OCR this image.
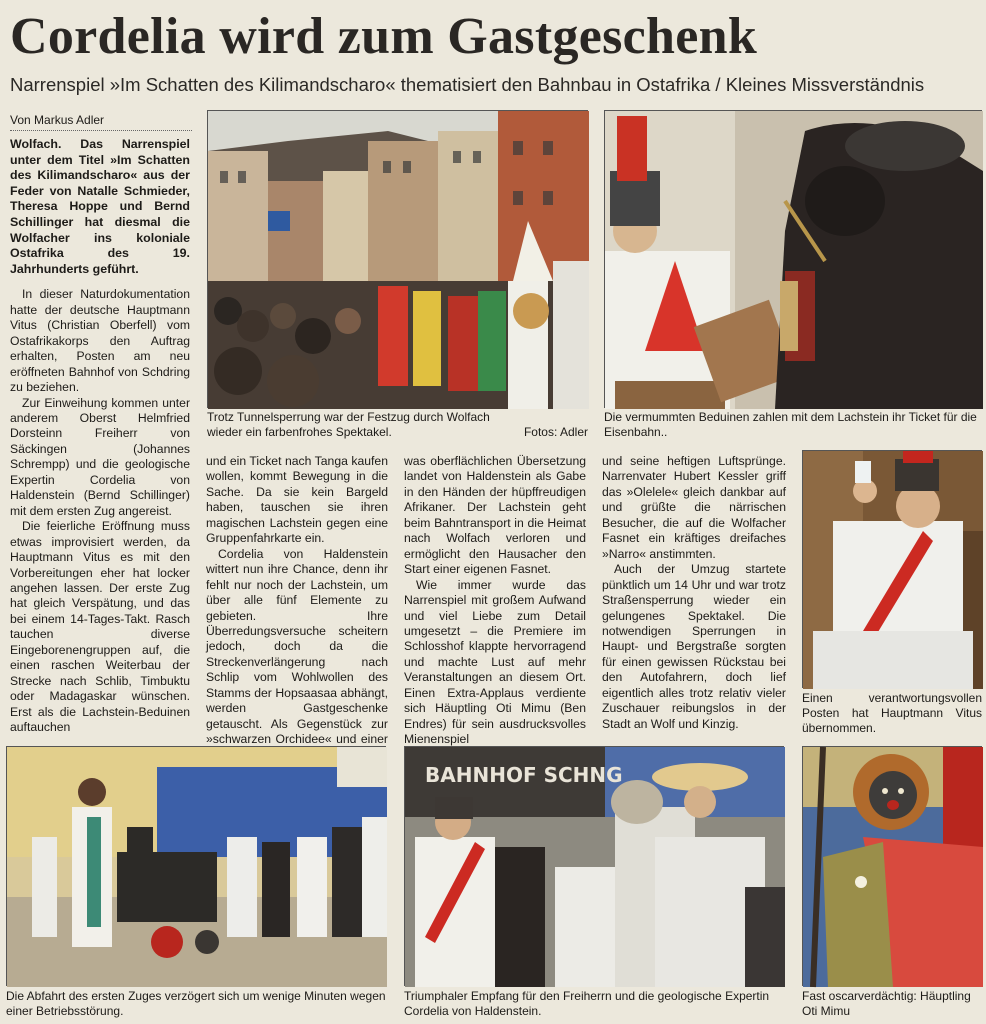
Cordelia wird zum Gastgeschenk
Narrenspiel »Im Schatten des Kilimandscharo« thematisiert den Bahnbau in Ostafrika / Kleines Missverständnis
Von Markus Adler

Wolfach. Das Narrenspiel unter dem Titel »Im Schatten des Kilimandscharo« aus der Feder von Natalle Schmieder, Theresa Hoppe und Bernd Schillinger hat diesmal die Wolfacher ins koloniale Ostafrika des 19. Jahrhunderts geführt.

In dieser Naturdokumentation hatte der deutsche Hauptmann Vitus (Christian Oberfell) vom Ostafrikakorps den Auftrag erhalten, Posten am neu eröffneten Bahnhof von Schdring zu beziehen.

Zur Einweihung kommen unter anderem Oberst Helmfried Dorsteinn Freiherr von Säckingen (Johannes Schrempp) und die geologische Expertin Cordelia von Haldenstein (Bernd Schillinger) mit dem ersten Zug angereist.

Die feierliche Eröffnung muss etwas improvisiert werden, da Hauptmann Vitus es mit den Vorbereitungen eher hat locker angehen lassen. Der erste Zug hat gleich Verspätung, und das bei einem 14-Tages-Takt. Rasch tauchen diverse Eingeborenengruppen auf, die einen raschen Weiterbau der Strecke nach Schlib, Timbuktu oder Madagaskar wünschen. Erst als die Lachstein-Beduinen auftauchen

Fotos: Adler
Trotz Tunnelsperrung war der Festzug durch Wolfach wieder ein farbenfrohes Spektakel.
Die vermummten Beduinen zahlen mit dem Lachstein ihr Ticket für die Eisenbahn..

und ein Ticket nach Tanga kaufen wollen, kommt Bewegung in die Sache. Da sie kein Bargeld haben, tauschen sie ihren magischen Lachstein gegen eine Gruppenfahrkarte ein.

Cordelia von Haldenstein wittert nun ihre Chance, denn ihr fehlt nur noch der Lachstein, um über alle fünf Elemente zu gebieten. Ihre Überredungsversuche scheitern jedoch, doch da die Streckenverlängerung nach Schlip vom Wohlwollen des Stamms der Hopsaasaa abhängt, werden Gastgeschenke getauscht. Als Gegenstück zur »schwarzen Orchidee« und einer

was oberflächlichen Übersetzung landet von Haldenstein als Gabe in den Händen der hüpffreudigen Afrikaner. Der Lachstein geht beim Bahntransport in die Heimat nach Wolfach verloren und ermöglicht den Hausacher den Start einer eigenen Fasnet.

Wie immer wurde das Narrenspiel mit großem Aufwand und viel Liebe zum Detail umgesetzt – die Premiere im Schlosshof klappte hervorragend und machte Lust auf mehr Veranstaltungen an diesem Ort. Einen Extra-Applaus verdiente sich Häuptling Oti Mimu (Ben Endres) für sein ausdrucksvolles Mienenspiel

und seine heftigen Luftsprünge. Narrenvater Hubert Kessler griff das »Olelele« gleich dankbar auf und grüßte die närrischen Besucher, die auf die Wolfacher Fasnet ein kräftiges dreifaches »Narro« anstimmten.

Auch der Umzug startete pünktlich um 14 Uhr und war trotz Straßensperrung wieder ein gelungenes Spektakel. Die notwendigen Sperrungen in Haupt- und Bergstraße sorgten für einen gewissen Rückstau bei den Autofahrern, doch lief eigentlich alles trotz relativ vieler Zuschauer reibungslos in der Stadt an Wolf und Kinzig.

Einen verantwortungsvollen Posten hat Hauptmann Vitus übernommen.
Die Abfahrt des ersten Zuges verzögert sich um wenige Minuten wegen einer Betriebsstörung.
BAHNHOF SCHNG
Triumphaler Empfang für den Freiherrn und die geologische Expertin Cordelia von Haldenstein.
Fast oscarverdächtig: Häuptling Oti Mimu
